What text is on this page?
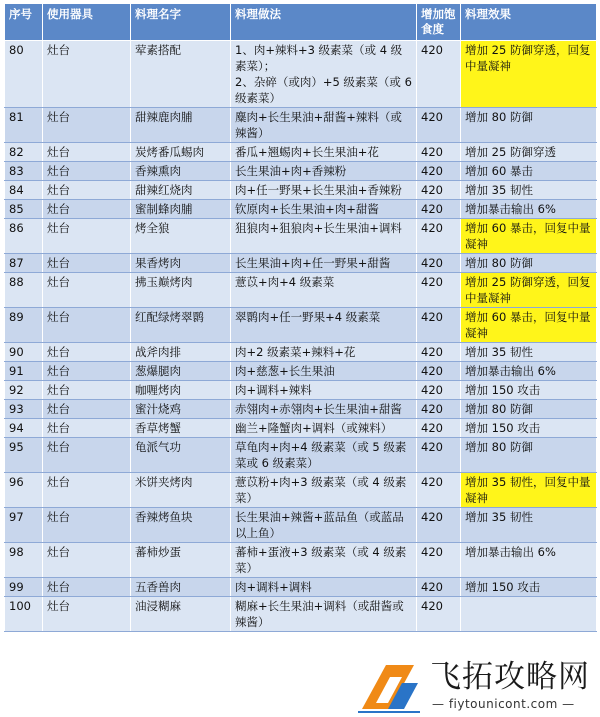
序号	使用器具	料理名字	料理做法	增加饱食度	料理效果
80	灶台	荤素搭配	1、肉+辣料+3 级素菜（或 4 级素菜）；
2、杂碎（或肉）+5 级素菜（或 6 级素菜）	420	增加 25 防御穿透，回复中量凝神
81	灶台	甜辣鹿肉脯	麋肉+长生果油+甜酱+辣料（或辣酱）	420	增加 80 防御
82	灶台	炭烤番瓜蜴肉	番瓜+翘蜴肉+长生果油+花	420	增加 25 防御穿透
83	灶台	香辣熏肉	长生果油+肉+香辣粉	420	增加 60 暴击
84	灶台	甜辣红烧肉	肉+任一野果+长生果油+香辣粉	420	增加 35 韧性
85	灶台	蜜制蜂肉脯	钦原肉+长生果油+肉+甜酱	420	增加暴击输出 6%
86	灶台	烤全狼	狙狼肉+狙狼肉+长生果油+调料	420	增加 60 暴击，回复中量凝神
87	灶台	果香烤肉	长生果油+肉+任一野果+甜酱	420	增加 80 防御
88	灶台	拂玉巅烤肉	薏苡+肉+4 级素菜	420	增加 25 防御穿透，回复中量凝神
89	灶台	红配绿烤翠鹮	翠鹮肉+任一野果+4 级素菜	420	增加 60 暴击，回复中量凝神
90	灶台	战斧肉排	肉+2 级素菜+辣料+花	420	增加 35 韧性
91	灶台	葱爆腿肉	肉+慈葱+长生果油	420	增加暴击输出 6%
92	灶台	咖喱烤肉	肉+调料+辣料	420	增加 150 攻击
93	灶台	蜜汁烧鸡	赤翎肉+赤翎肉+长生果油+甜酱	420	增加 80 防御
94	灶台	香草烤蟹	幽兰+隆蟹肉+调料（或辣料）	420	增加 150 攻击
95	灶台	龟派气功	草龟肉+肉+4 级素菜（或 5 级素菜或 6 级素菜）	420	增加 80 防御
96	灶台	米饼夹烤肉	薏苡粉+肉+3 级素菜（或 4 级素菜）	420	增加 35 韧性，回复中量凝神
97	灶台	香辣烤鱼块	长生果油+辣酱+蓝品鱼（或蓝品以上鱼）	420	增加 35 韧性
98	灶台	蕃柿炒蛋	蕃柿+蛋液+3 级素菜（或 4 级素菜）	420	增加暴击输出 6%
99	灶台	五香兽肉	肉+调料+调料	420	增加 150 攻击
100	灶台	油浸糊麻	糊麻+长生果油+调料（或甜酱或辣酱）	420	
飞拓攻略网
— fiytounicont.com —
